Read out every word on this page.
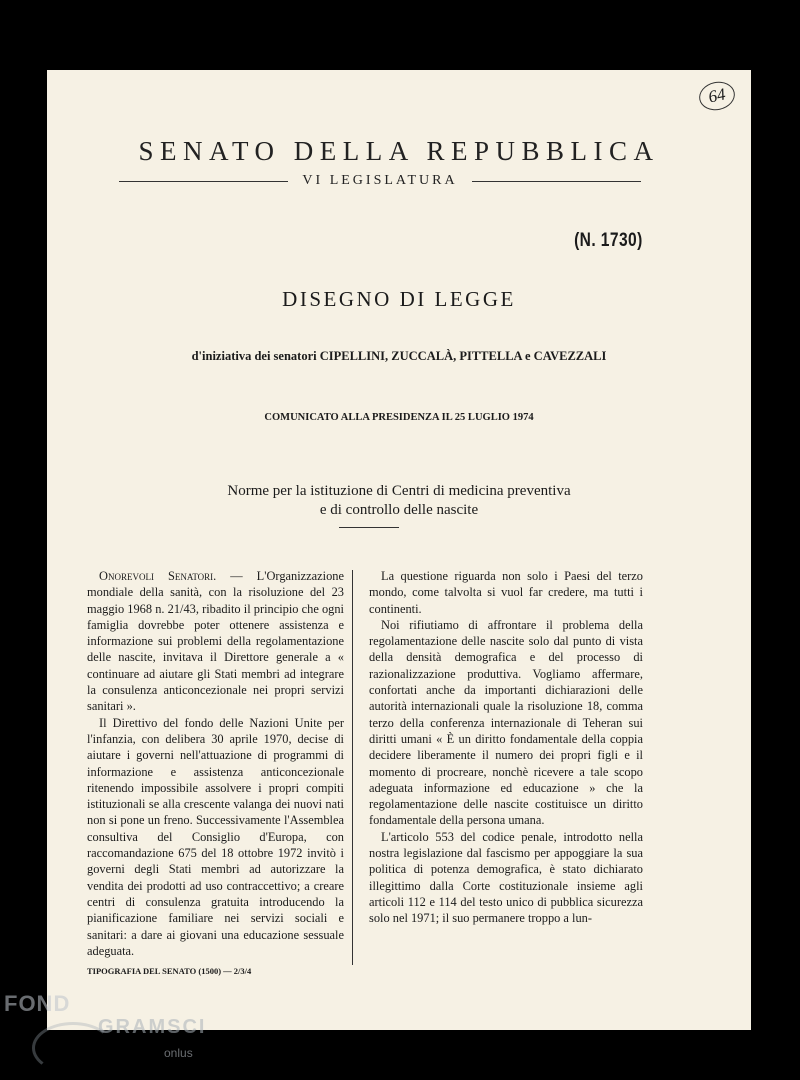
64
SENATO DELLA REPUBBLICA
VI LEGISLATURA
(N. 1730)
DISEGNO DI LEGGE
d'iniziativa dei senatori CIPELLINI, ZUCCALÀ, PITTELLA e CAVEZZALI
COMUNICATO ALLA PRESIDENZA IL 25 LUGLIO 1974
Norme per la istituzione di Centri di medicina preventiva
e di controllo delle nascite

Onorevoli Senatori. — L'Organizzazione mondiale della sanità, con la risoluzione del 23 maggio 1968 n. 21/43, ribadito il principio che ogni famiglia dovrebbe poter ottenere assistenza e informazione sui problemi della regolamentazione delle nascite, invitava il Direttore generale a « continuare ad aiutare gli Stati membri ad integrare la consulenza anticoncezionale nei propri servizi sanitari ».

Il Direttivo del fondo delle Nazioni Unite per l'infanzia, con delibera 30 aprile 1970, decise di aiutare i governi nell'attuazione di programmi di informazione e assistenza anticoncezionale ritenendo impossibile assolvere i propri compiti istituzionali se alla crescente valanga dei nuovi nati non si pone un freno. Successivamente l'Assemblea consultiva del Consiglio d'Europa, con raccomandazione 675 del 18 ottobre 1972 invitò i governi degli Stati membri ad autorizzare la vendita dei prodotti ad uso contraccettivo; a creare centri di consulenza gratuita introducendo la pianificazione familiare nei servizi sociali e sanitari: a dare ai giovani una educazione sessuale adeguata.

La questione riguarda non solo i Paesi del terzo mondo, come talvolta si vuol far credere, ma tutti i continenti.

Noi rifiutiamo di affrontare il problema della regolamentazione delle nascite solo dal punto di vista della densità demografica e del processo di razionalizzazione produttiva. Vogliamo affermare, confortati anche da importanti dichiarazioni delle autorità internazionali quale la risoluzione 18, comma terzo della conferenza internazionale di Teheran sui diritti umani « È un diritto fondamentale della coppia decidere liberamente il numero dei propri figli e il momento di procreare, nonchè ricevere a tale scopo adeguata informazione ed educazione » che la regolamentazione delle nascite costituisce un diritto fondamentale della persona umana.

L'articolo 553 del codice penale, introdotto nella nostra legislazione dal fascismo per appoggiare la sua politica di potenza demografica, è stato dichiarato illegittimo dalla Corte costituzionale insieme agli articoli 112 e 114 del testo unico di pubblica sicurezza solo nel 1971; il suo permanere troppo a lun-

TIPOGRAFIA DEL SENATO (1500) — 2/3/4
FOND
GRAMSCI
onlus
